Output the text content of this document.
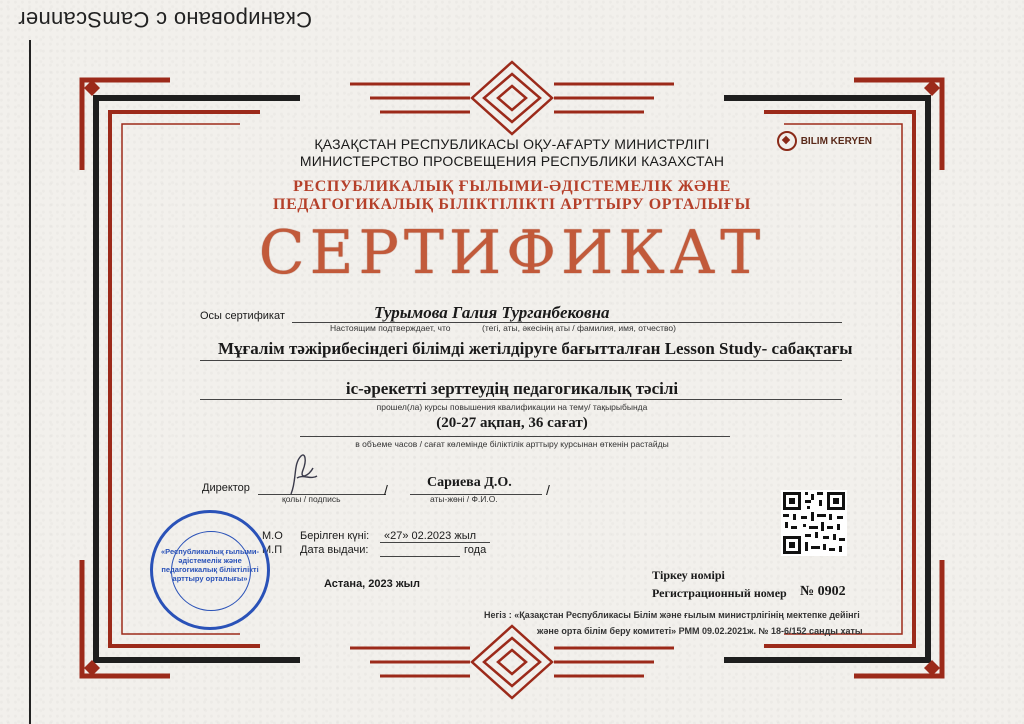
Сканировано с CamScanner
BILIM KERYEN
ҚАЗАҚСТАН РЕСПУБЛИКАСЫ ОҚУ-АҒАРТУ МИНИСТРЛІГІ
МИНИСТЕРСТВО ПРОСВЕЩЕНИЯ РЕСПУБЛИКИ КАЗАХСТАН
РЕСПУБЛИКАЛЫҚ ҒЫЛЫМИ-ӘДІСТЕМЕЛІК ЖӘНЕ
ПЕДАГОГИКАЛЫҚ БІЛІКТІЛІКТІ АРТТЫРУ ОРТАЛЫҒЫ
СЕРТИФИКАТ
Осы сертификат	Турымова Галия Турганбековна
Настоящим подтверждает, что	(тегі, аты, әкесінің аты / фамилия, имя, отчество)
Мұғалім тәжірибесіндегі білімді жетілдіруге бағытталған Lesson Study- сабақтағы
іс-әрекетті зерттеудің педагогикалық тәсілі
прошел(ла) курсы повышения квалификации на тему/ тақырыбында
(20-27 ақпан, 36 сағат)
в объеме часов / сағат көлемінде біліктілік арттыру курсынан өткенін растайды
Директор
қолы / подпись
/	Сариева Д.О. /
аты-жөні / Ф.И.О.
М.О
М.П
Берілген күні: «27» 02.2023 жыл
Дата выдачи:	года
Астана, 2023 жыл
Тіркеу номірі
Регистрационный номер № 0902
Негіз : «Қазақстан Республикасы Білім және ғылым министрлігінің мектепке дейінгі
және орта білім беру комитеті» РММ 09.02.2021ж. № 18-6/152 санды хаты
«Республикалық ғылыми-әдістемелік және педагогикалық біліктілікті арттыру орталығы»
